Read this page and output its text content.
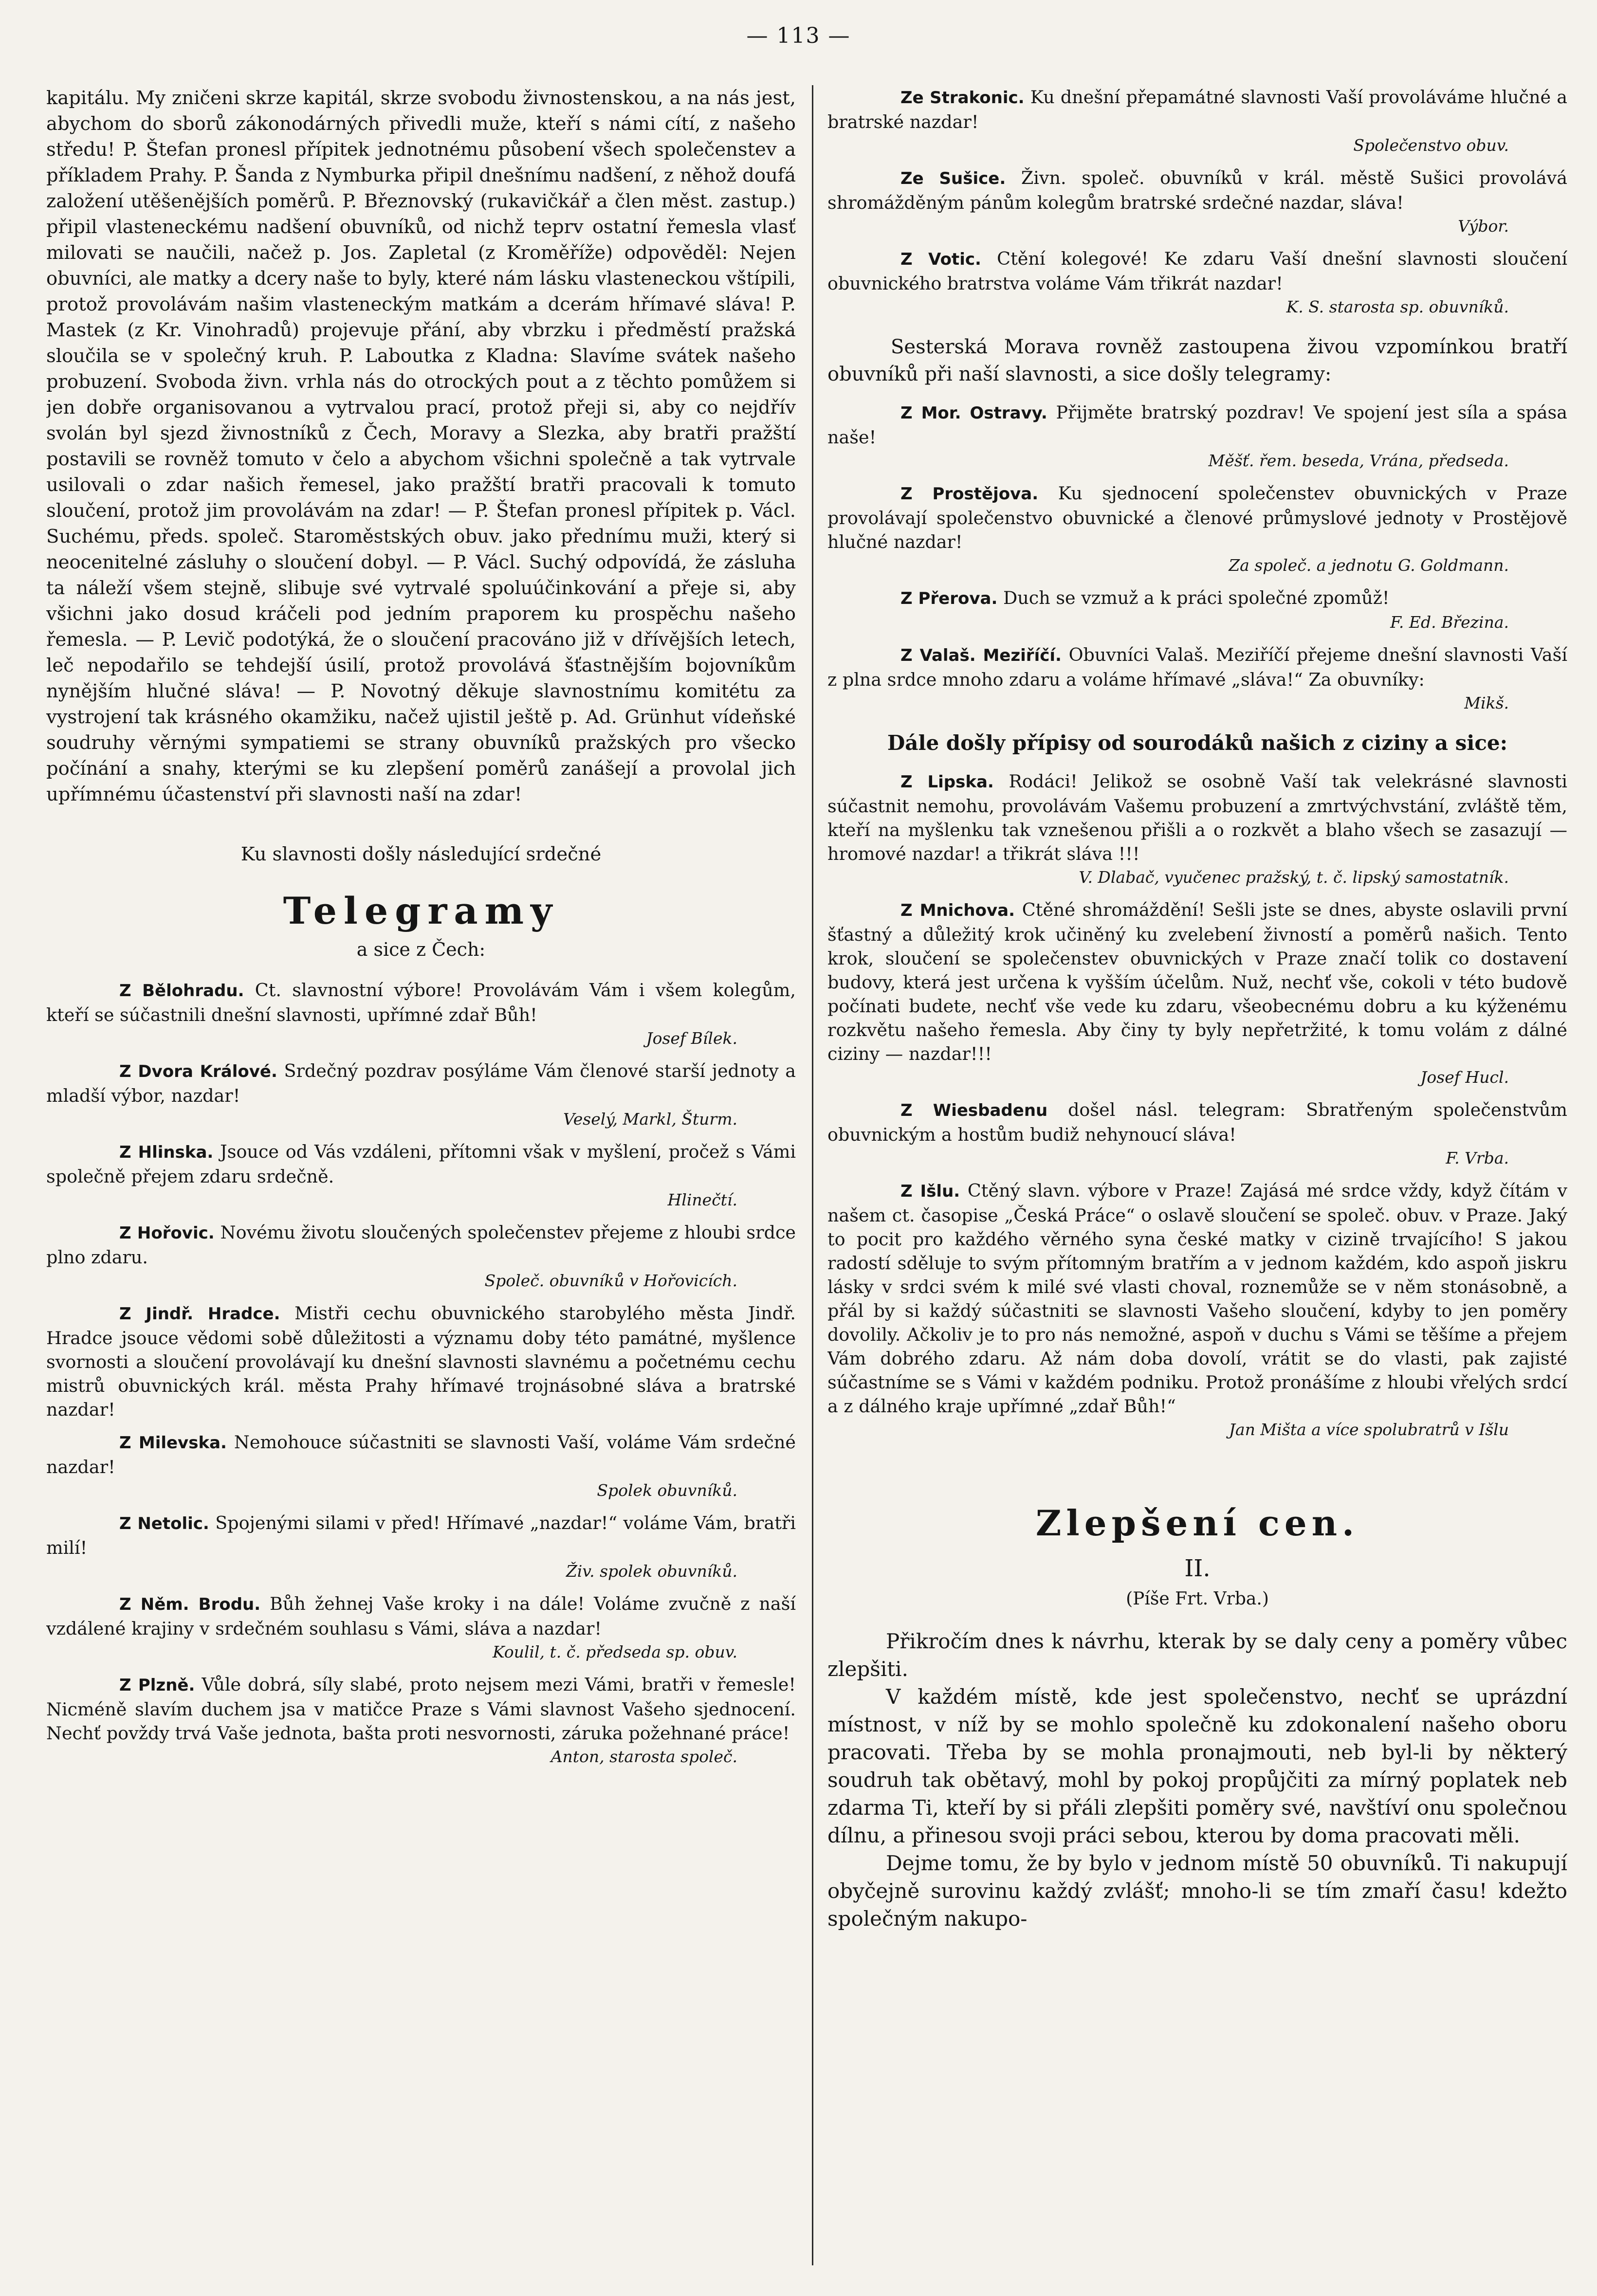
— 113 —

kapitálu. My zničeni skrze kapitál, skrze svobodu živnostenskou, a na nás jest, abychom do sborů zákonodárných přivedli muže, kteří s námi cítí, z našeho středu! P. Štefan pronesl přípitek jednotnému působení všech společenstev a příkladem Prahy. P. Šanda z Nymburka připil dnešnímu nadšení, z něhož doufá založení utěšenějších poměrů. P. Březnovský (rukavičkář a člen měst. zastup.) připil vlasteneckému nadšení obuvníků, od nichž teprv ostatní řemesla vlasť milovati se naučili, načež p. Jos. Zapletal (z Kroměříže) odpověděl: Nejen obuvníci, ale matky a dcery naše to byly, které nám lásku vlasteneckou vštípili, protož provolávám našim vlasteneckým matkám a dcerám hřímavé sláva! P. Mastek (z Kr. Vinohradů) projevuje přání, aby vbrzku i předměstí pražská sloučila se v společný kruh. P. Laboutka z Kladna: Slavíme svátek našeho probuzení. Svoboda živn. vrhla nás do otrockých pout a z těchto pomůžem si jen dobře organisovanou a vytrvalou prací, protož přeji si, aby co nejdřív svolán byl sjezd živnostníků z Čech, Moravy a Slezka, aby bratři pražští postavili se rovněž tomuto v čelo a abychom všichni společně a tak vytrvale usilovali o zdar našich řemesel, jako pražští bratři pracovali k tomuto sloučení, protož jim provolávám na zdar! — P. Štefan pronesl přípitek p. Václ. Suchému, předs. společ. Staroměstských obuv. jako přednímu muži, který si neocenitelné zásluhy o sloučení dobyl. — P. Václ. Suchý odpovídá, že zásluha ta náleží všem stejně, slibuje své vytrvalé spoluúčinkování a přeje si, aby všichni jako dosud kráčeli pod jedním praporem ku prospěchu našeho řemesla. — P. Levič podotýká, že o sloučení pracováno již v dřívějších letech, leč nepodařilo se tehdejší úsilí, protož provolává šťastnějším bojovníkům nynějším hlučné sláva! — P. Novotný děkuje slavnostnímu komitétu za vystrojení tak krásného okamžiku, načež ujistil ještě p. Ad. Grünhut vídeňské soudruhy věrnými sympatiemi se strany obuvníků pražských pro všecko počínání a snahy, kterými se ku zlepšení poměrů zanášejí a provolal jich upřímnému účastenství při slavnosti naší na zdar!

Ku slavnosti došly následující srdečné

Telegramy
a sice z Čech:

Z Bělohradu. Ct. slavnostní výbore! Provolávám Vám i všem kolegům, kteří se súčastnili dnešní slavnosti, upřímné zdař Bůh!

Josef Bílek.

Z Dvora Králové. Srdečný pozdrav posýláme Vám členové starší jednoty a mladší výbor, nazdar!

Veselý, Markl, Šturm.

Z Hlinska. Jsouce od Vás vzdáleni, přítomni však v myšlení, pročež s Vámi společně přejem zdaru srdečně.

Hlinečtí.

Z Hořovic. Novému životu sloučených společenstev přejeme z hloubi srdce plno zdaru.

Společ. obuvníků v Hořovicích.

Z Jindř. Hradce. Mistři cechu obuvnického starobylého města Jindř. Hradce jsouce vědomi sobě důležitosti a významu doby této památné, myšlence svornosti a sloučení provolávají ku dnešní slavnosti slavnému a početnému cechu mistrů obuvnických král. města Prahy hřímavé trojnásobné sláva a bratrské nazdar!

Z Milevska. Nemohouce súčastniti se slavnosti Vaší, voláme Vám srdečné nazdar!

Spolek obuvníků.

Z Netolic. Spojenými silami v před! Hřímavé „nazdar!“ voláme Vám, bratři milí!

Živ. spolek obuvníků.

Z Něm. Brodu. Bůh žehnej Vaše kroky i na dále! Voláme zvučně z naší vzdálené krajiny v srdečném souhlasu s Vámi, sláva a nazdar!

Koulil, t. č. předseda sp. obuv.

Z Plzně. Vůle dobrá, síly slabé, proto nejsem mezi Vámi, bratři v řemesle! Nicméně slavím duchem jsa v matičce Praze s Vámi slavnost Vašeho sjednocení. Nechť povždy trvá Vaše jednota, bašta proti nesvornosti, záruka požehnané práce!

Anton, starosta společ.

Ze Strakonic. Ku dnešní přepamátné slavnosti Vaší provoláváme hlučné a bratrské nazdar!

Společenstvo obuv.

Ze Sušice. Živn. společ. obuvníků v král. městě Sušici provolává shromážděným pánům kolegům bratrské srdečné nazdar, sláva!

Výbor.

Z Votic. Ctění kolegové! Ke zdaru Vaší dnešní slavnosti sloučení obuvnického bratrstva voláme Vám třikrát nazdar!

K. S. starosta sp. obuvníků.

Sesterská Morava rovněž zastoupena živou vzpomínkou bratří obuvníků při naší slavnosti, a sice došly telegramy:

Z Mor. Ostravy. Přijměte bratrský pozdrav! Ve spojení jest síla a spása naše!

Měšť. řem. beseda, Vrána, předseda.

Z Prostějova. Ku sjednocení společenstev obuvnických v Praze provolávají společenstvo obuvnické a členové průmyslové jednoty v Prostějově hlučné nazdar!

Za společ. a jednotu G. Goldmann.

Z Přerova. Duch se vzmuž a k práci společné zpomůž!

F. Ed. Březina.

Z Valaš. Meziříčí. Obuvníci Valaš. Meziříčí přejeme dnešní slavnosti Vaší z plna srdce mnoho zdaru a voláme hřímavé „sláva!“ Za obuvníky:

Mikš.

Dále došly přípisy od sourodáků našich z ciziny a sice:

Z Lipska. Rodáci! Jelikož se osobně Vaší tak velekrásné slavnosti súčastnit nemohu, provolávám Vašemu probuzení a zmrtvýchvstání, zvláště těm, kteří na myšlenku tak vznešenou přišli a o rozkvět a blaho všech se zasazují — hromové nazdar! a třikrát sláva !!!

V. Dlabač, vyučenec pražský, t. č. lipský samostatník.

Z Mnichova. Ctěné shromáždění! Sešli jste se dnes, abyste oslavili první šťastný a důležitý krok učiněný ku zvelebení živností a poměrů našich. Tento krok, sloučení se společenstev obuvnických v Praze značí tolik co dostavení budovy, která jest určena k vyšším účelům. Nuž, nechť vše, cokoli v této budově počínati budete, nechť vše vede ku zdaru, všeobecnému dobru a ku kýženému rozkvětu našeho řemesla. Aby činy ty byly nepřetržité, k tomu volám z dálné ciziny — nazdar!!!

Josef Hucl.

Z Wiesbadenu došel násl. telegram: Sbratřeným společenstvům obuvnickým a hostům budiž nehynoucí sláva!

F. Vrba.

Z Išlu. Ctěný slavn. výbore v Praze! Zajásá mé srdce vždy, když čítám v našem ct. časopise „Česká Práce“ o oslavě sloučení se společ. obuv. v Praze. Jaký to pocit pro každého věrného syna české matky v cizině trvajícího! S jakou radostí sděluje to svým přítomným bratřím a v jednom každém, kdo aspoň jiskru lásky v srdci svém k milé své vlasti choval, roznemůže se v něm stonásobně, a přál by si každý súčastniti se slavnosti Vašeho sloučení, kdyby to jen poměry dovolily. Ačkoliv je to pro nás nemožné, aspoň v duchu s Vámi se těšíme a přejem Vám dobrého zdaru. Až nám doba dovolí, vrátit se do vlasti, pak zajisté súčastníme se s Vámi v každém podniku. Protož pronášíme z hloubi vřelých srdcí a z dálného kraje upřímné „zdař Bůh!“

Jan Mišta a více spolubratrů v Išlu
Zlepšení cen.
II.
(Píše Frt. Vrba.)

Přikročím dnes k návrhu, kterak by se daly ceny a poměry vůbec zlepšiti.

V každém místě, kde jest společenstvo, nechť se uprázdní místnost, v níž by se mohlo společně ku zdokonalení našeho oboru pracovati. Třeba by se mohla pronajmouti, neb byl-li by některý soudruh tak obětavý, mohl by pokoj propůjčiti za mírný poplatek neb zdarma Ti, kteří by si přáli zlepšiti poměry své, navštíví onu společnou dílnu, a přinesou svoji práci sebou, kterou by doma pracovati měli.

Dejme tomu, že by bylo v jednom místě 50 obuvníků. Ti nakupují obyčejně surovinu každý zvlášť; mnoho-li se tím zmaří času! kdežto společným nakupo-
